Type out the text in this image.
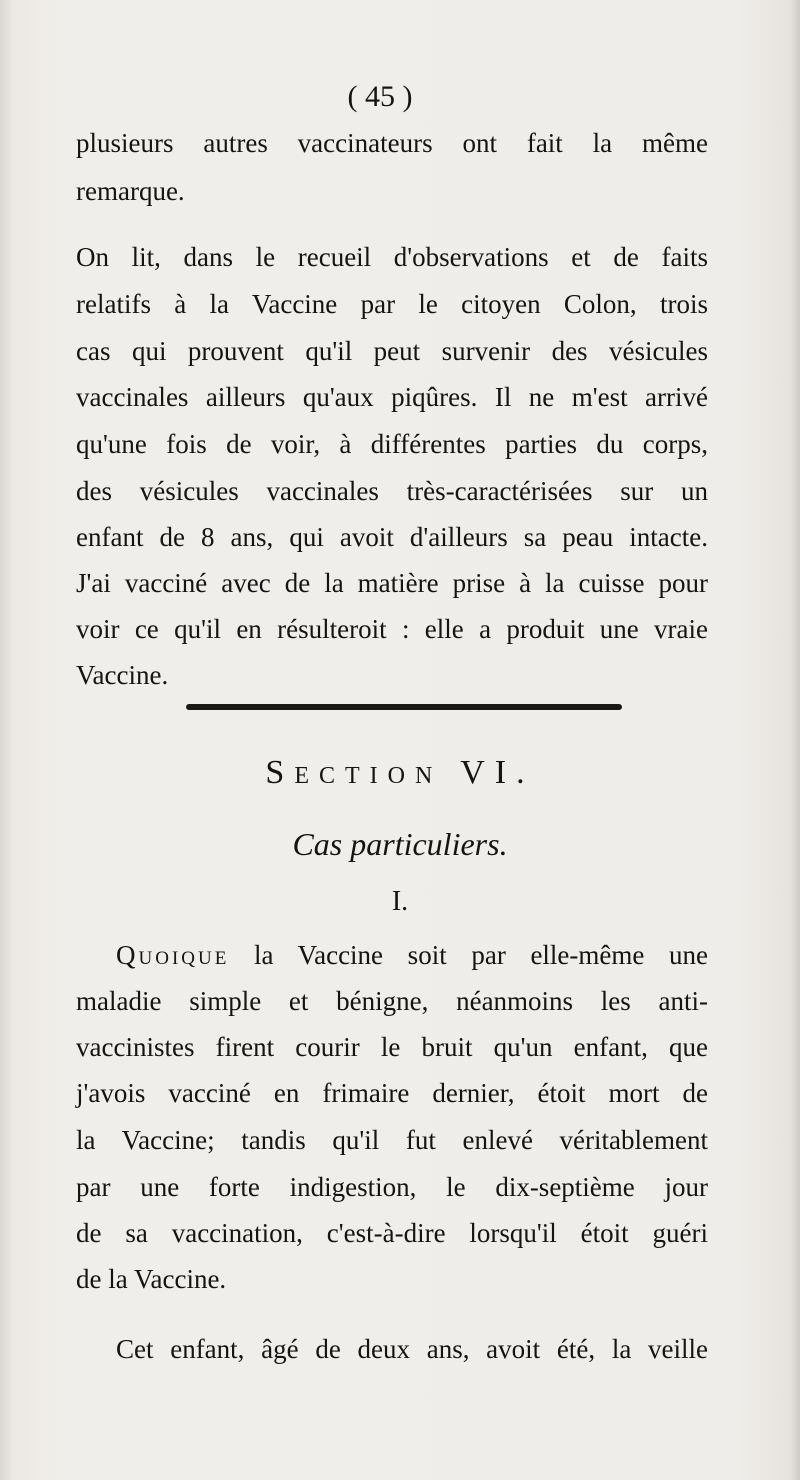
( 45 )
plusieurs autres vaccinateurs ont fait la même
remarque.
On lit, dans le recueil d'observations et de faits
relatifs à la Vaccine par le citoyen Colon, trois
cas qui prouvent qu'il peut survenir des vésicules
vaccinales ailleurs qu'aux piqûres. Il ne m'est arrivé
qu'une fois de voir, à différentes parties du corps,
des vésicules vaccinales très-caractérisées sur un
enfant de 8 ans, qui avoit d'ailleurs sa peau intacte.
J'ai vacciné avec de la matière prise à la cuisse pour
voir ce qu'il en résulteroit : elle a produit une vraie
Vaccine.
Section VI.
Cas particuliers.
I.
Quoique la Vaccine soit par elle-même une
maladie simple et bénigne, néanmoins les anti-
vaccinistes firent courir le bruit qu'un enfant, que
j'avois vacciné en frimaire dernier, étoit mort de
la Vaccine; tandis qu'il fut enlevé véritablement
par une forte indigestion, le dix-septième jour
de sa vaccination, c'est-à-dire lorsqu'il étoit guéri
de la Vaccine.
Cet enfant, âgé de deux ans, avoit été, la veille
